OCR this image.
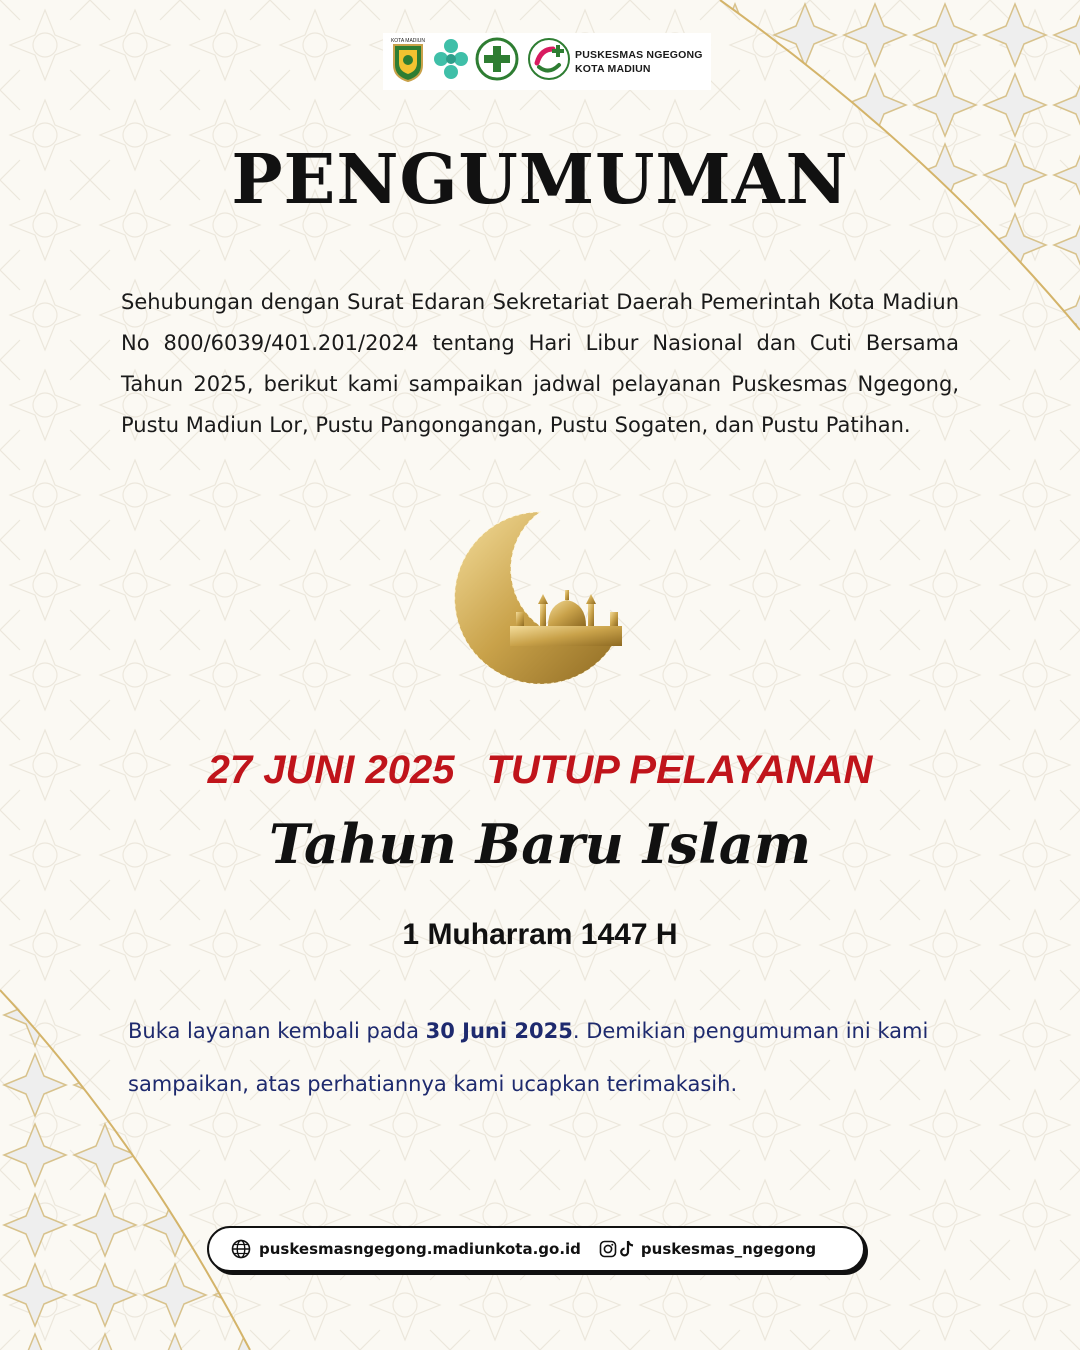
KOTA MADIUN
PUSKESMAS NGEGONG
KOTA MADIUN
PENGUMUMAN

Sehubungan dengan Surat Edaran Sekretariat Daerah Pemerintah Kota Madiun No 800/6039/401.201/2024 tentang Hari Libur Nasional dan Cuti Bersama Tahun 2025, berikut kami sampaikan jadwal pelayanan Puskesmas Ngegong, Pustu Madiun Lor, Pustu Pangongangan, Pustu Sogaten, dan Pustu Patihan.

27 JUNI 2025 TUTUP PELAYANAN
Tahun Baru Islam
1 Muharram 1447 H

Buka layanan kembali pada 30 Juni 2025. Demikian pengumuman ini kami sampaikan, atas perhatiannya kami ucapkan terimakasih.

puskesmasngegong.madiunkota.go.id	puskesmas_ngegong
